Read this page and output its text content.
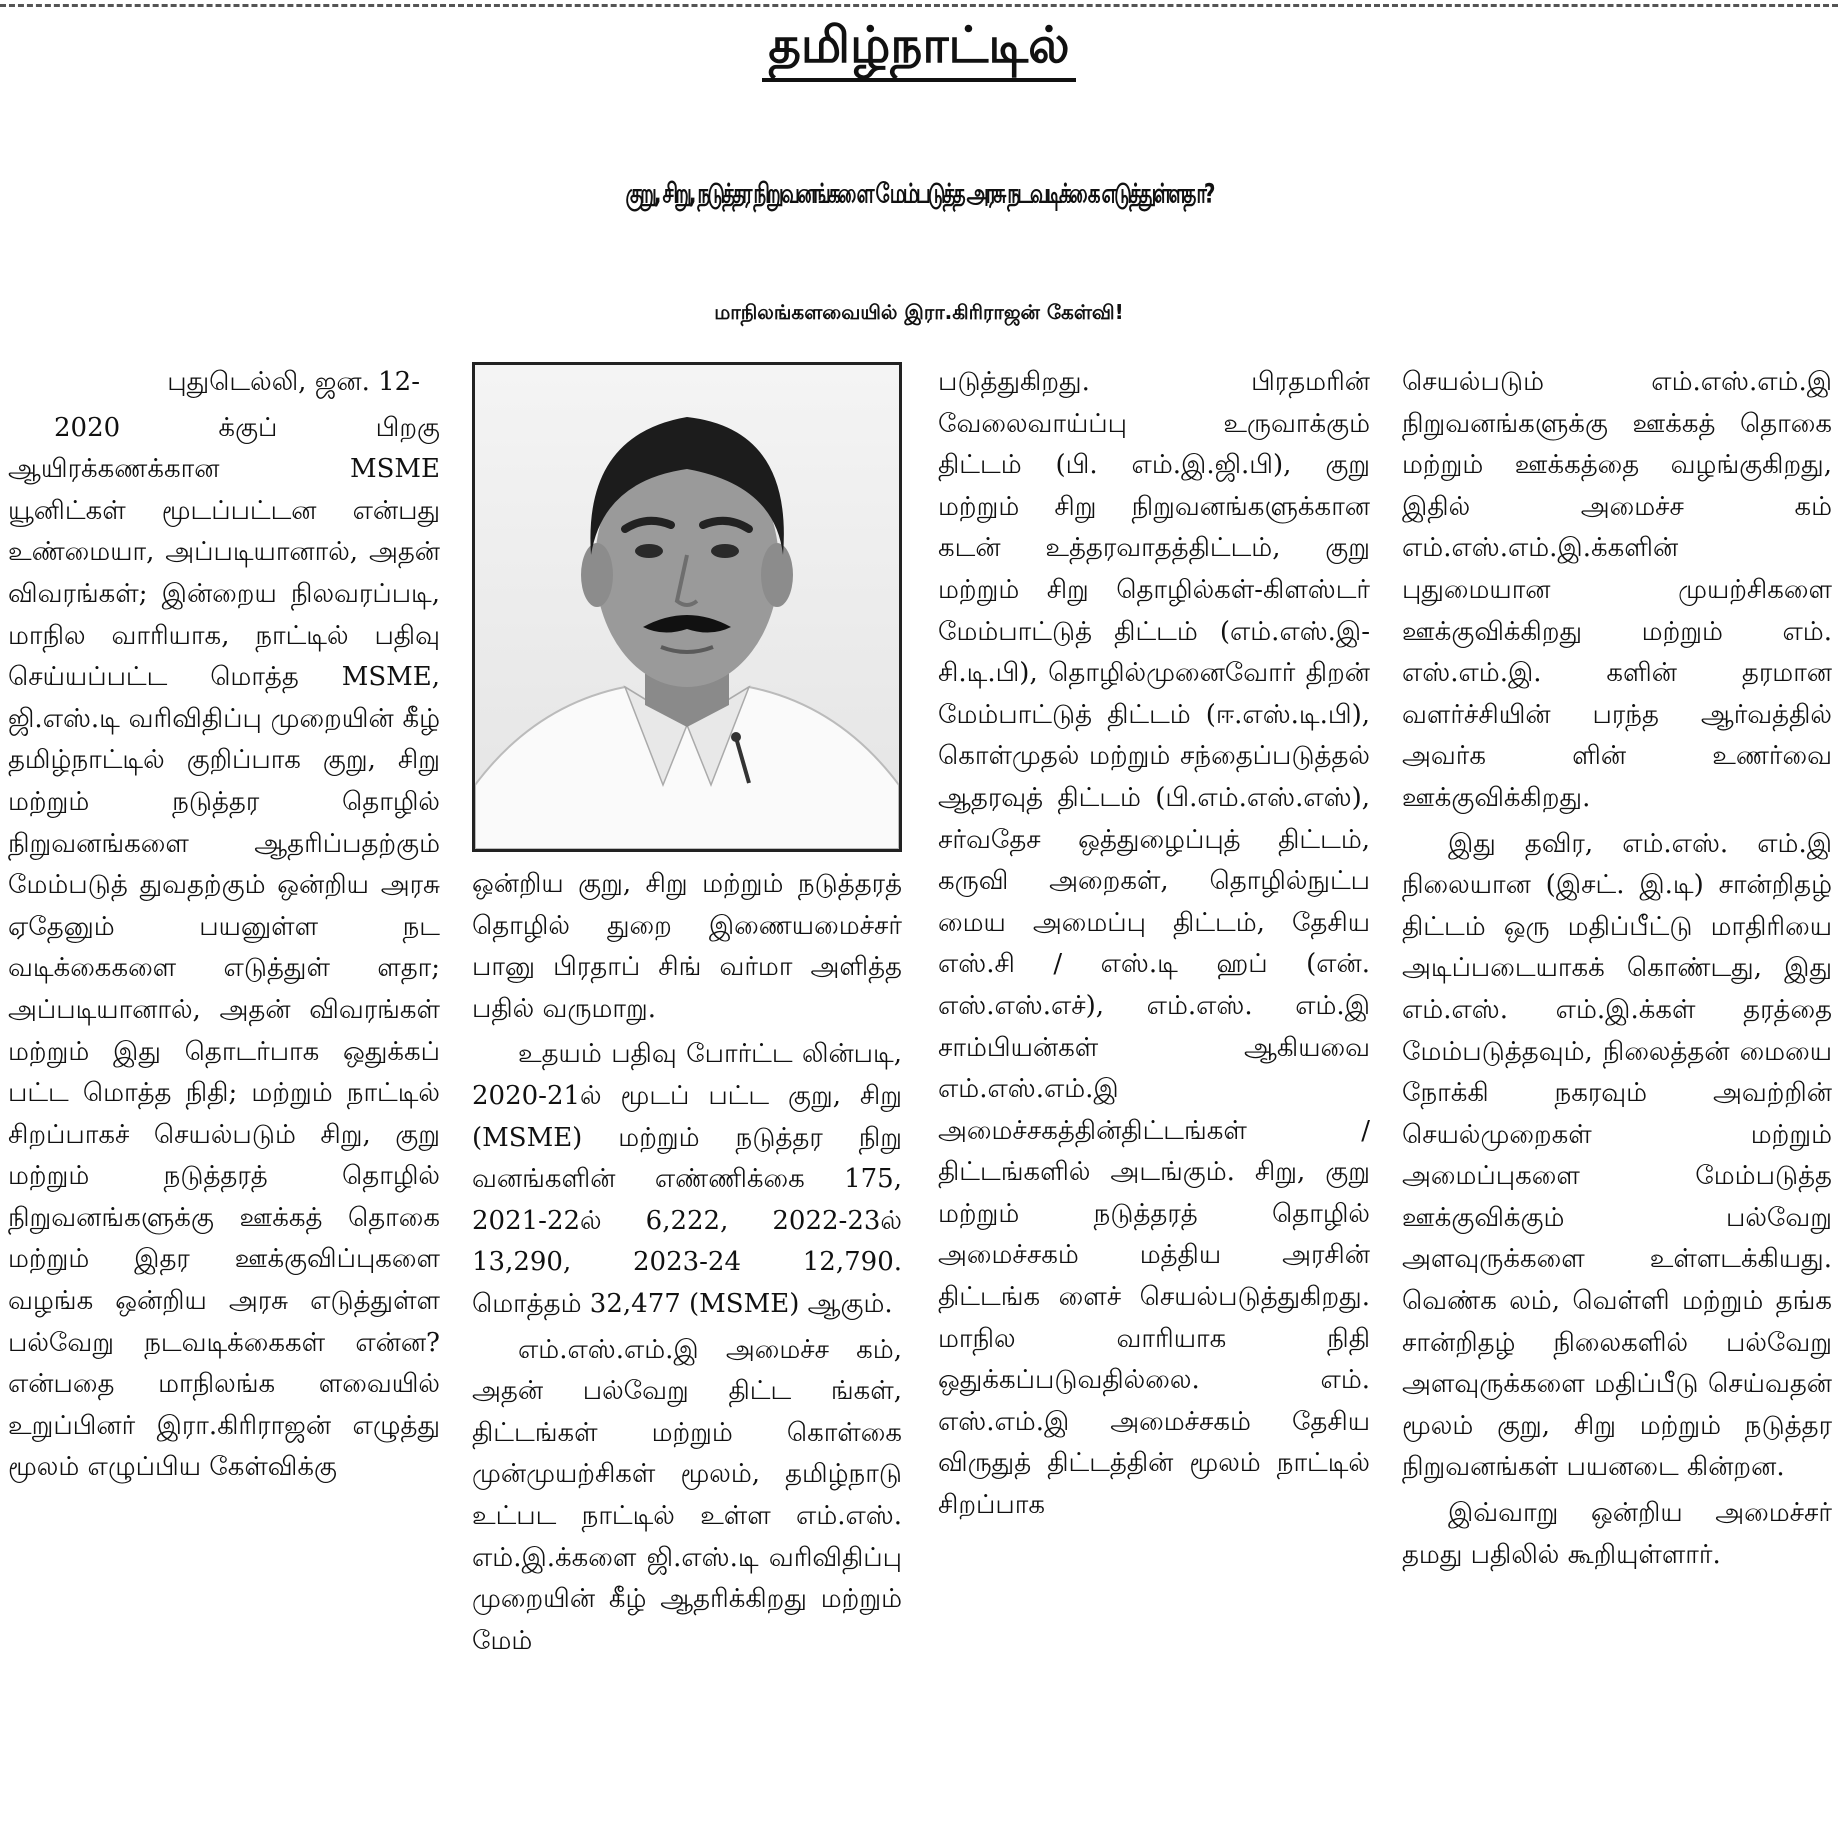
தமிழ்நாட்டில்
குறு, சிறு, நடுத்தர நிறுவனங்களை மேம்படுத்த அரசு நடவடிக்கை எடுத்துள்ளதா?
மாநிலங்களவையில் இரா.கிரிராஜன் கேள்வி!

புதுடெல்லி, ஜன. 12-

2020 க்குப் பிறகு ஆயிரக்கணக்கான MSME யூனிட்கள் மூடப்பட்டன என்பது உண்மையா, அப்படியானால், அதன் விவரங்கள்; இன்றைய நிலவரப்படி, மாநில வாரியாக, நாட்டில் பதிவு செய்யப்பட்ட மொத்த MSME, ஜி.எஸ்.டி வரிவிதிப்பு முறையின் கீழ் தமிழ்நாட்டில் குறிப்பாக குறு, சிறு மற்றும் நடுத்தர தொழில் நிறுவனங்களை ஆதரிப்பதற்கும் மேம்படுத் துவதற்கும் ஒன்றிய அரசு ஏதேனும் பயனுள்ள நட வடிக்கைகளை எடுத்துள் ளதா; அப்படியானால், அதன் விவரங்கள் மற்றும் இது தொடர்பாக ஒதுக்கப் பட்ட மொத்த நிதி; மற்றும் நாட்டில் சிறப்பாகச் செயல்படும் சிறு, குறு மற்றும் நடுத்தரத் தொழில் நிறுவனங்களுக்கு ஊக்கத் தொகை மற்றும் இதர ஊக்குவிப்புகளை வழங்க ஒன்றிய அரசு எடுத்துள்ள பல்வேறு நடவடிக்கைகள் என்ன? என்பதை மாநிலங்க ளவையில் உறுப்பினர் இரா.கிரிராஜன் எழுத்து மூலம் எழுப்பிய கேள்விக்கு

ஒன்றிய குறு, சிறு மற்றும் நடுத்தரத் தொழில் துறை இணையமைச்சர் பானு பிரதாப் சிங் வர்மா அளித்த பதில் வருமாறு.

உதயம் பதிவு போர்ட்ட லின்படி, 2020-21ல் மூடப் பட்ட குறு, சிறு (MSME) மற்றும் நடுத்தர நிறு வனங்களின் எண்ணிக்கை 175, 2021-22ல் 6,222, 2022-23ல் 13,290, 2023-24 12,790. மொத்தம் 32,477 (MSME) ஆகும்.

எம்.எஸ்.எம்.இ அமைச்ச கம், அதன் பல்வேறு திட்ட ங்கள், திட்டங்கள் மற்றும் கொள்கை முன்முயற்சிகள் மூலம், தமிழ்நாடு உட்பட நாட்டில் உள்ள எம்.எஸ். எம்.இ.க்களை ஜி.எஸ்.டி வரிவிதிப்பு முறையின் கீழ் ஆதரிக்கிறது மற்றும் மேம்

படுத்துகிறது. பிரதமரின் வேலைவாய்ப்பு உருவாக்கும் திட்டம் (பி. எம்.இ.ஜி.பி), குறு மற்றும் சிறு நிறுவனங்களுக்கான கடன் உத்தரவாதத்திட்டம், குறு மற்றும் சிறு தொழில்கள்-கிளஸ்டர் மேம்பாட்டுத் திட்டம் (எம்.எஸ்.இ-சி.டி.பி), தொழில்முனைவோர் திறன் மேம்பாட்டுத் திட்டம் (ஈ.எஸ்.டி.பி), கொள்முதல் மற்றும் சந்தைப்படுத்தல் ஆதரவுத் திட்டம் (பி.எம்.எஸ்.எஸ்), சர்வதேச ஒத்துழைப்புத் திட்டம், கருவி அறைகள், தொழில்நுட்ப மைய அமைப்பு திட்டம், தேசிய எஸ்.சி / எஸ்.டி ஹப் (என். எஸ்.எஸ்.எச்), எம்.எஸ். எம்.இ சாம்பியன்கள் ஆகியவை எம்.எஸ்.எம்.இ அமைச்சகத்தின்திட்டங்கள் / திட்டங்களில் அடங்கும். சிறு, குறு மற்றும் நடுத்தரத் தொழில் அமைச்சகம் மத்திய அரசின் திட்டங்க ளைச் செயல்படுத்துகிறது. மாநில வாரியாக நிதி ஒதுக்கப்படுவதில்லை. எம். எஸ்.எம்.இ அமைச்சகம் தேசிய விருதுத் திட்டத்தின் மூலம் நாட்டில் சிறப்பாக

செயல்படும் எம்.எஸ்.எம்.இ நிறுவனங்களுக்கு ஊக்கத் தொகை மற்றும் ஊக்கத்தை வழங்குகிறது, இதில் அமைச்ச கம் எம்.எஸ்.எம்.இ.க்களின் புதுமையான முயற்சிகளை ஊக்குவிக்கிறது மற்றும் எம். எஸ்.எம்.இ. களின் தரமான வளர்ச்சியின் பரந்த ஆர்வத்தில் அவர்க ளின் உணர்வை ஊக்குவிக்கிறது.

இது தவிர, எம்.எஸ். எம்.இ நிலையான (இசட். இ.டி) சான்றிதழ் திட்டம் ஒரு மதிப்பீட்டு மாதிரியை அடிப்படையாகக் கொண்டது, இது எம்.எஸ். எம்.இ.க்கள் தரத்தை மேம்படுத்தவும், நிலைத்தன் மையை நோக்கி நகரவும் அவற்றின் செயல்முறைகள் மற்றும் அமைப்புகளை மேம்படுத்த ஊக்குவிக்கும் பல்வேறு அளவுருக்களை உள்ளடக்கியது. வெண்க லம், வெள்ளி மற்றும் தங்க சான்றிதழ் நிலைகளில் பல்வேறு அளவுருக்களை மதிப்பீடு செய்வதன் மூலம் குறு, சிறு மற்றும் நடுத்தர நிறுவனங்கள் பயனடை கின்றன.

இவ்வாறு ஒன்றிய அமைச்சர் தமது பதிலில் கூறியுள்ளார்.
